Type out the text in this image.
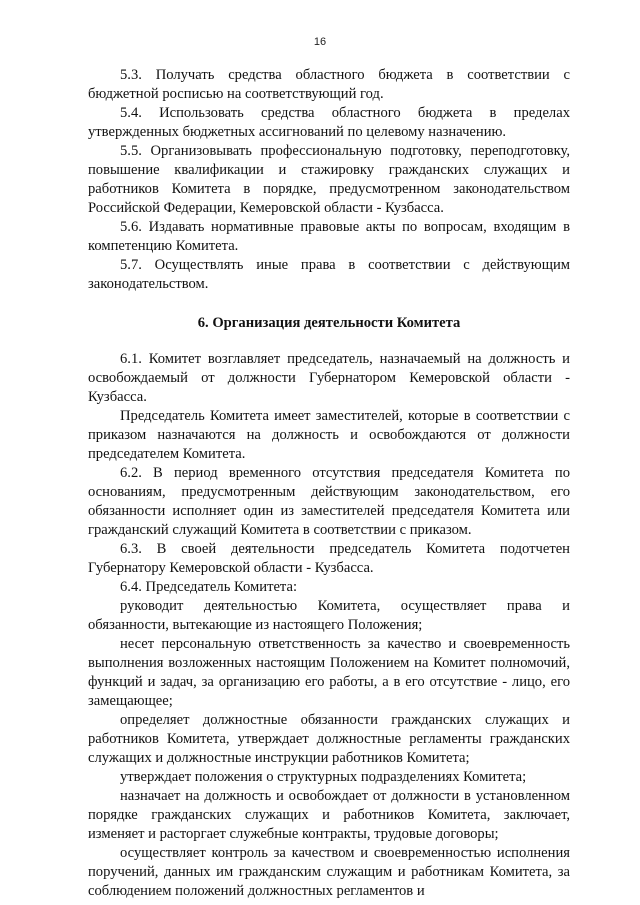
16

5.3. Получать средства областного бюджета в соответствии с бюджетной росписью на соответствующий год.

5.4. Использовать средства областного бюджета в пределах утвержденных бюджетных ассигнований по целевому назначению.

5.5. Организовывать профессиональную подготовку, переподготовку, повышение квалификации и стажировку гражданских служащих и работников Комитета в порядке, предусмотренном законодательством Российской Федерации, Кемеровской области - Кузбасса.

5.6. Издавать нормативные правовые акты по вопросам, входящим в компетенцию Комитета.

5.7. Осуществлять иные права в соответствии с действующим законодательством.

6. Организация деятельности Комитета

6.1. Комитет возглавляет председатель, назначаемый на должность и освобождаемый от должности Губернатором Кемеровской области - Кузбасса.

Председатель Комитета имеет заместителей, которые в соответствии с приказом назначаются на должность и освобождаются от должности председателем Комитета.

6.2. В период временного отсутствия председателя Комитета по основаниям, предусмотренным действующим законодательством, его обязанности исполняет один из заместителей председателя Комитета или гражданский служащий Комитета в соответствии с приказом.

6.3. В своей деятельности председатель Комитета подотчетен Губернатору Кемеровской области - Кузбасса.

6.4. Председатель Комитета:

руководит деятельностью Комитета, осуществляет права и обязанности, вытекающие из настоящего Положения;

несет персональную ответственность за качество и своевременность выполнения возложенных настоящим Положением на Комитет полномочий, функций и задач, за организацию его работы, а в его отсутствие - лицо, его замещающее;

определяет должностные обязанности гражданских служащих и работников Комитета, утверждает должностные регламенты гражданских служащих и должностные инструкции работников Комитета;

утверждает положения о структурных подразделениях Комитета;

назначает на должность и освобождает от должности в установленном порядке гражданских служащих и работников Комитета, заключает, изменяет и расторгает служебные контракты, трудовые договоры;

осуществляет контроль за качеством и своевременностью исполнения поручений, данных им гражданским служащим и работникам Комитета, за соблюдением положений должностных регламентов и
